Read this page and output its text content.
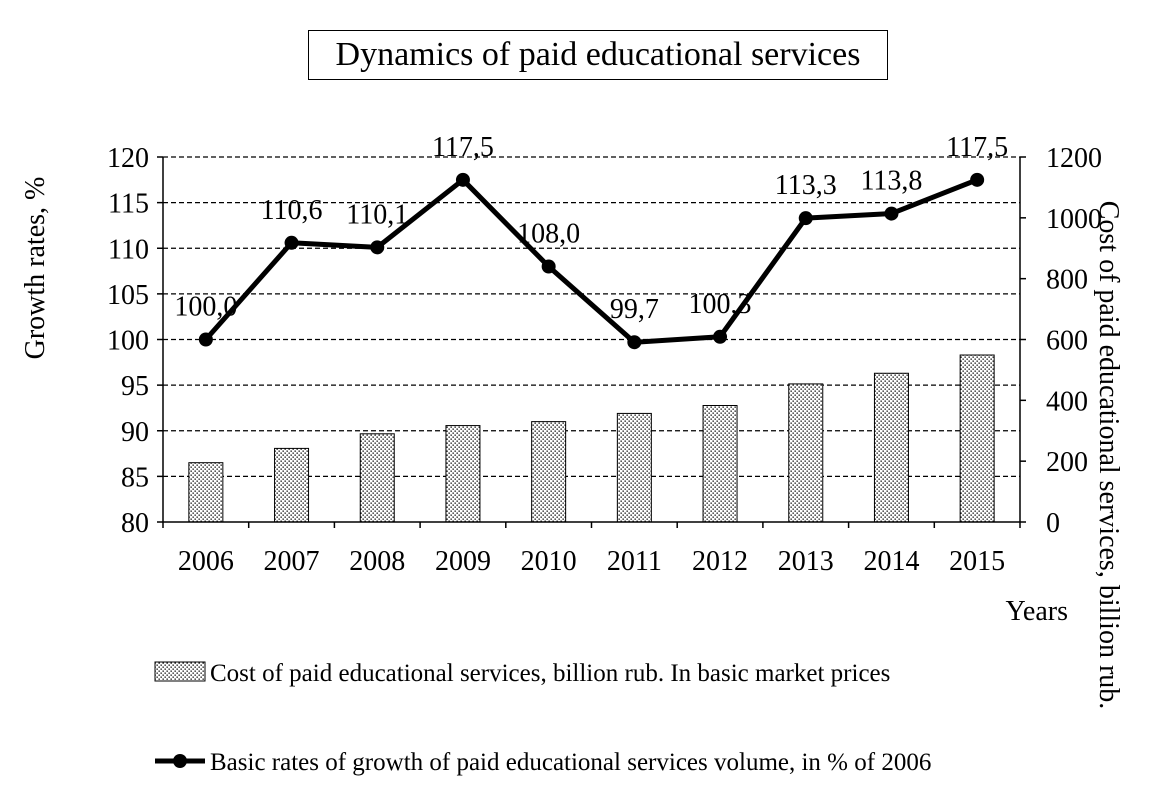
Dynamics of paid educational services
100,0
110,6 110,1
117,5
108,0
99,7 100,3
113,3 113,8
117,5
80
85
90
95
100
105
110
115
120
0
200
400
600
800
1000
1200
2006 2007 2008 2009 2010 2011 2012 2013 2014 2015
Growth rates, %	Cost of paid educational services, billion rub.
Years
Cost of paid educational services, billion rub. In basic market prices
Basic rates of growth of paid educational services volume, in % of 2006
